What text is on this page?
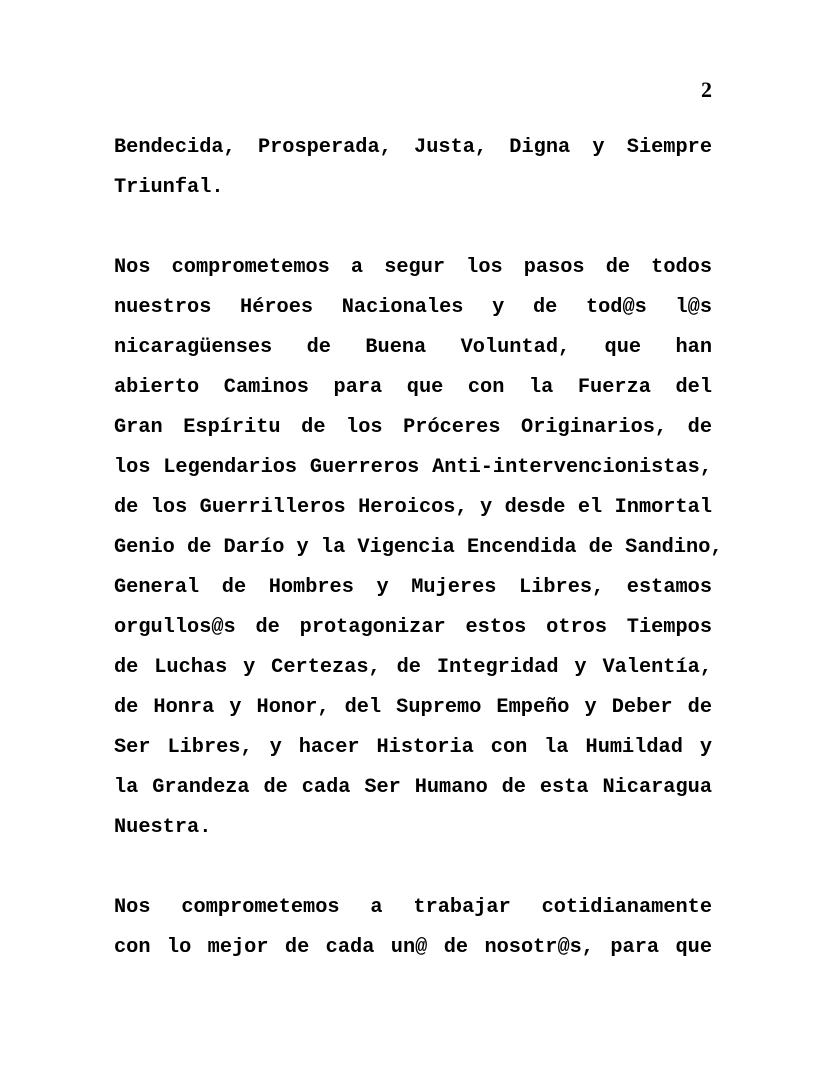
2
Bendecida, Prosperada, Justa, Digna y Siempre
Triunfal.
Nos comprometemos a segur los pasos de todos
nuestros Héroes Nacionales y de tod@s l@s
nicaragüenses de Buena Voluntad, que han
abierto Caminos para que con la Fuerza del
Gran Espíritu de los Próceres Originarios, de
los Legendarios Guerreros Anti-intervencionistas,
de los Guerrilleros Heroicos, y desde el Inmortal
Genio de Darío y la Vigencia Encendida de Sandino,
General de Hombres y Mujeres Libres, estamos
orgullos@s de protagonizar estos otros Tiempos
de Luchas y Certezas, de Integridad y Valentía,
de Honra y Honor, del Supremo Empeño y Deber de
Ser Libres, y hacer Historia con la Humildad y
la Grandeza de cada Ser Humano de esta Nicaragua
Nuestra.
Nos comprometemos a trabajar cotidianamente
con lo mejor de cada un@ de nosotr@s, para que
